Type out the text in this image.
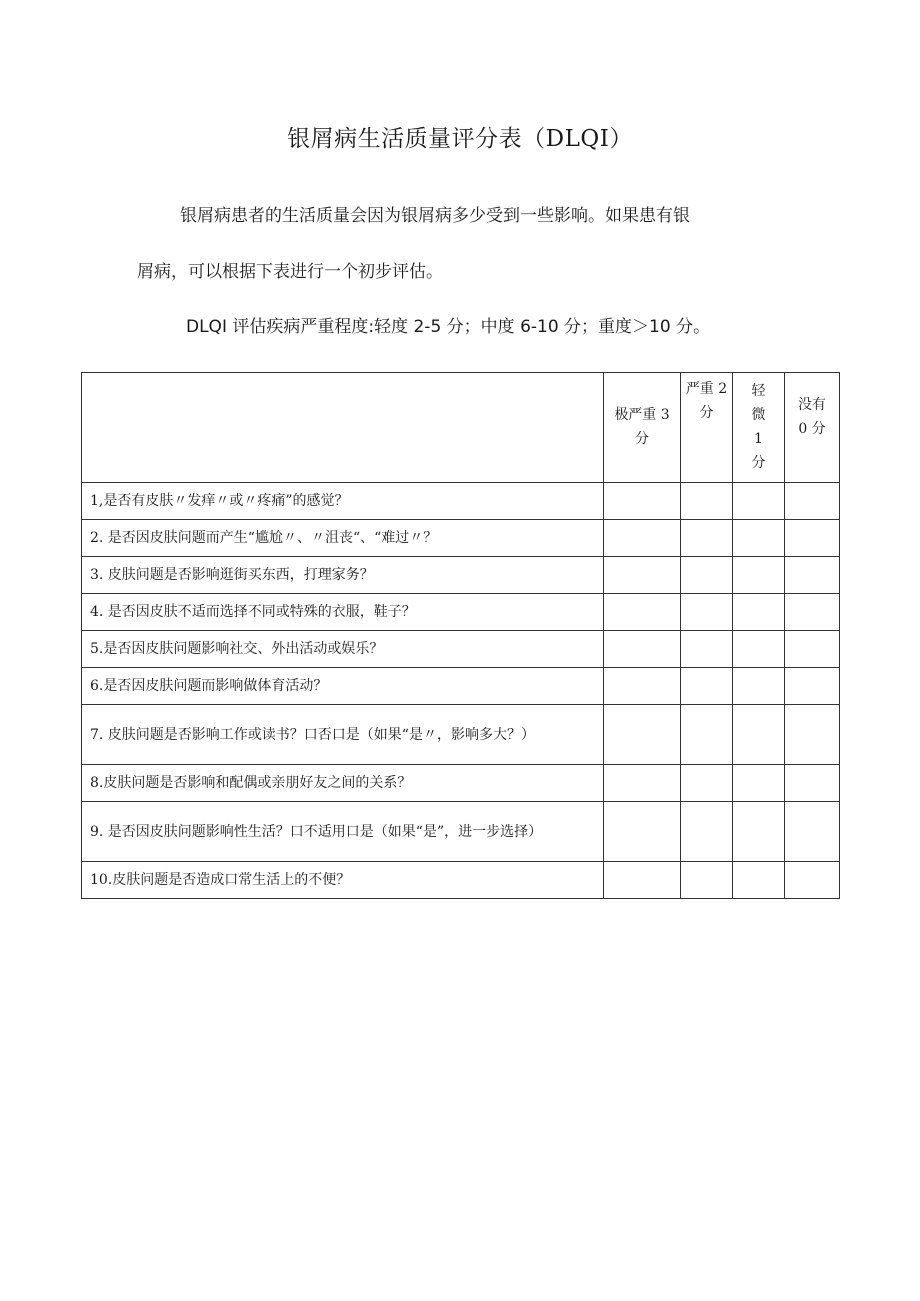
银屑病生活质量评分表（DLQI）

银屑病患者的生活质量会因为银屑病多少受到一些影响。如果患有银

屑病，可以根据下表进行一个初步评估。

DLQI 评估疾病严重程度:轻度 2-5 分；中度 6-10 分；重度＞10 分。

	极严重 3 分	严重 2 分	轻微 1 分	没有 0 分
1,是否有皮肤〃发痒〃或〃疼痛”的感觉？				
2. 是否因皮肤问题而产生“尴尬〃、〃沮丧“、“难过〃？				
3. 皮肤问题是否影响逛街买东西，打理家务？				
4. 是否因皮肤不适而选择不同或特殊的衣服，鞋子？				
5.是否因皮肤问题影响社交、外出活动或娱乐？				
6.是否因皮肤问题而影响做体育活动？				
7. 皮肤问题是否影响工作或读书？口否口是（如果“是〃，影响多大？）				
8.皮肤问题是否影响和配偶或亲朋好友之间的关系？				
9. 是否因皮肤问题影响性生活？口不适用口是（如果“是”，进一步选择）				
10.皮肤问题是否造成口常生活上的不便？				
